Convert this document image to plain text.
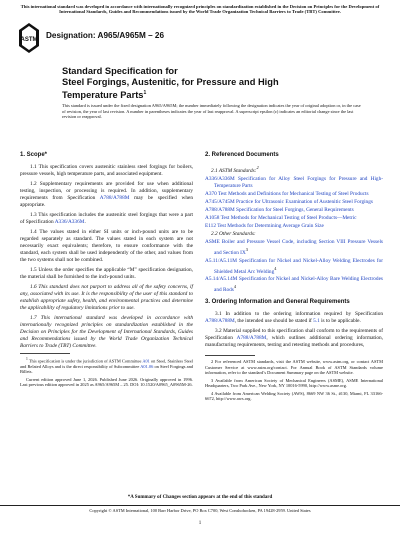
This international standard was developed in accordance with internationally recognized principles on standardization established in the Decision on Principles for the Development of International Standards, Guides and Recommendations issued by the World Trade Organization Technical Barriers to Trade (TBT) Committee.
ASTM Designation: A965/A965M – 26
Standard Specification for
Steel Forgings, Austenitic, for Pressure and High
Temperature Parts$^1$
This standard is issued under the fixed designation A965/A965M; the number immediately following the designation indicates the year of original adoption or, in the case of revision, the year of last revision. A number in parentheses indicates the year of last reapproval. A superscript epsilon (ε) indicates an editorial change since the last revision or reapproval.
1. Scope*

1.1 This specification covers austenitic stainless steel forgings for boilers, pressure vessels, high temperature parts, and associated equipment.

1.2 Supplementary requirements are provided for use when additional testing, inspection, or processing is required. In addition, supplementary requirements from Specification A788/A788M may be specified when appropriate.

1.3 This specification includes the austenitic steel forgings that were a part of Specification A336/A336M.

1.4 The values stated in either SI units or inch-pound units are to be regarded separately as standard. The values stated in each system are not necessarily exact equivalents; therefore, to ensure conformance with the standard, each system shall be used independently of the other, and values from the two systems shall not be combined.

1.5 Unless the order specifies the applicable “M” specification designation, the material shall be furnished to the inch-pound units.

1.6 This standard does not purport to address all of the safety concerns, if any, associated with its use. It is the responsibility of the user of this standard to establish appropriate safety, health, and environmental practices and determine the applicability of regulatory limitations prior to use.

1.7 This international standard was developed in accordance with internationally recognized principles on standardization established in the Decision on Principles for the Development of International Standards, Guides and Recommendations issued by the World Trade Organization Technical Barriers to Trade (TBT) Committee.

$^1$ This specification is under the jurisdiction of ASTM Committee A01 on Steel, Stainless Steel and Related Alloys and is the direct responsibility of Subcommittee A01.06 on Steel Forgings and Billets.
Current edition approved June 1, 2026. Published June 2026. Originally approved in 1996. Last previous edition approved in 2025 as A965/A965M – 25. DOI: 10.1520/A0965_A0965M-26.
2. Referenced Documents
2.1 ASTM Standards:$^2$
A336/A336M Specification for Alloy Steel Forgings for Pressure and High-Temperature Parts
A370 Test Methods and Definitions for Mechanical Testing of Steel Products
A745/A745M Practice for Ultrasonic Examination of Austenitic Steel Forgings
A788/A788M Specification for Steel Forgings, General Requirements
A1058 Test Methods for Mechanical Testing of Steel Products—Metric
E112 Test Methods for Determining Average Grain Size
2.2 Other Standards:
ASME Boiler and Pressure Vessel Code, including Section VIII Pressure Vessels and Section $IX^3$
A5.11/A5.11M Specification for Nickel and Nickel-Alloy Welding Electrodes for Shielded Metal Arc Welding$^4$
A5.14/A5.14M Specification for Nickel and Nickel-Alloy Bare Welding Electrodes and Rods$^4$
3. Ordering Information and General Requirements

3.1 In addition to the ordering information required by Specification A788/A788M, the intended use should be stated if 5.1 is to be applicable.

3.2 Material supplied to this specification shall conform to the requirements of Specification A788/A788M, which outlines additional ordering information, manufacturing requirements, testing and retesting methods and procedures,

2 For referenced ASTM standards, visit the ASTM website, www.astm.org, or contact ASTM Customer Service at www.astm.org/contact. For Annual Book of ASTM Standards volume information, refer to the standard’s Document Summary page on the ASTM website.
3 Available from American Society of Mechanical Engineers (ASME), ASME International Headquarters, Two Park Ave., New York, NY 10016-5990, http://www.asme.org.
4 Available from American Welding Society (AWS), 8669 NW 36 St., #130, Miami, FL 33166-6672, http://www.aws.org.
*A Summary of Changes section appears at the end of this standard
Copyright © ASTM International, 100 Barr Harbor Drive, PO Box C700, West Conshohocken, PA 19428-2959. United States
1
